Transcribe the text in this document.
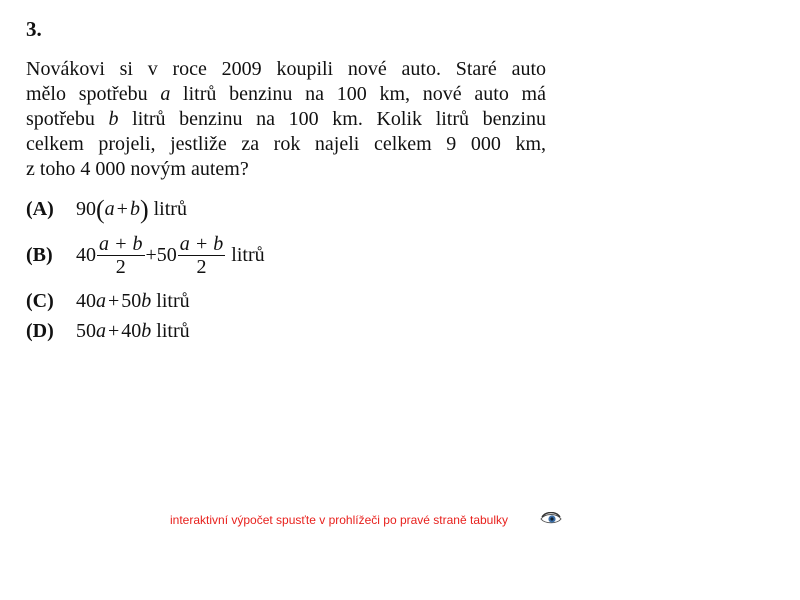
3.
Novákovi si v roce 2009 koupili nové auto. Staré auto
mělo spotřebu a litrů benzinu na 100 km, nové auto má
spotřebu b litrů benzinu na 100 km. Kolik litrů benzinu
celkem projeli, jestliže za rok najeli celkem 9 000 km,
z toho 4 000 novým autem?
(A) 90(a + b) litrů
(B) $40 \frac{a + b}{2} +50 \frac{a + b}{2}$ litrů
(C) 40a + 50b litrů
(D) 50a + 40b litrů
interaktivní výpočet spusťte v prohlížeči po pravé straně tabulky
